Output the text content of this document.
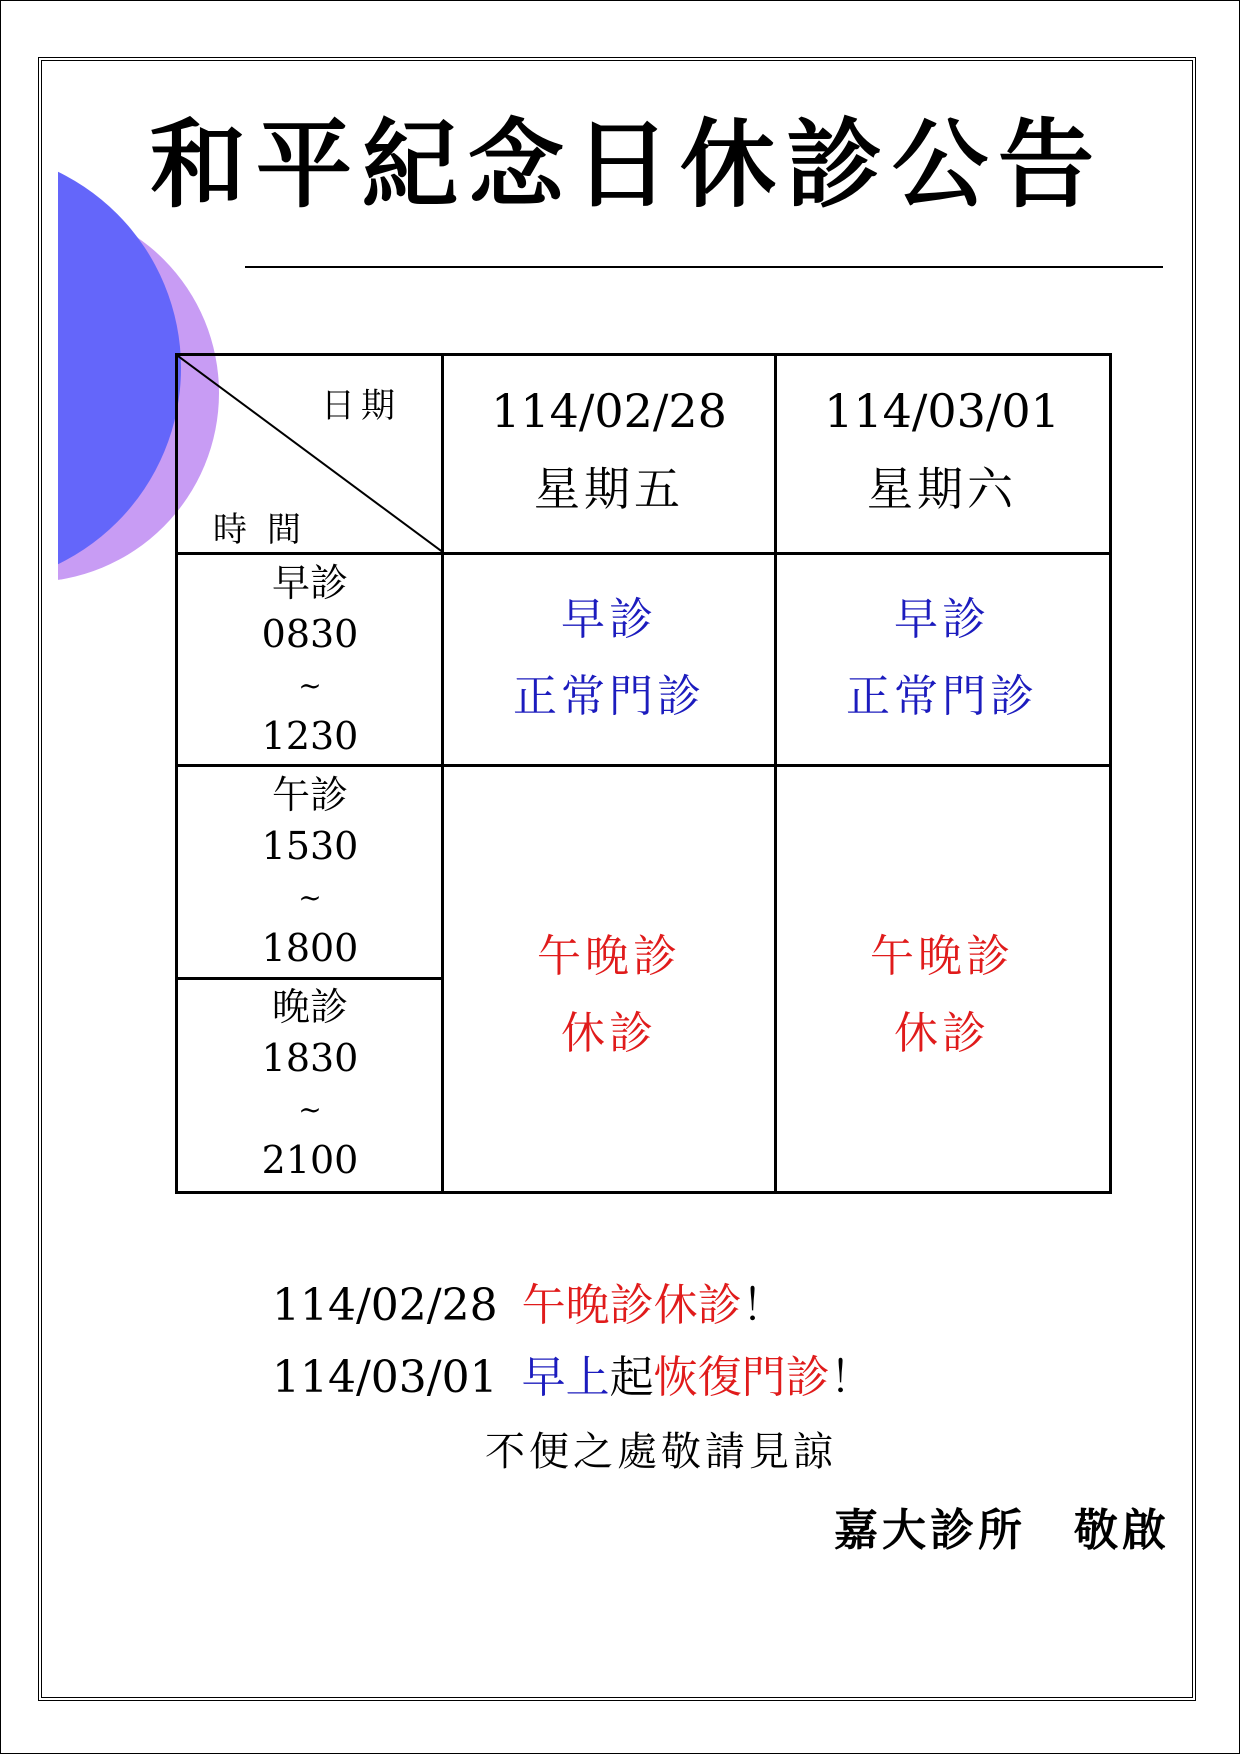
和平紀念日休診公告
日期
時間
114/02/28
星期五
114/03/01
星期六
早診
0830
~
1230
午診
1530
~
1800
晚診
1830
~
2100
早診
正常門診
早診
正常門診
午晚診
休診
午晚診
休診
114/02/28 午晚診休診！
114/03/01 早上起恢復門診！
不便之處敬請見諒
嘉大診所　敬啟
